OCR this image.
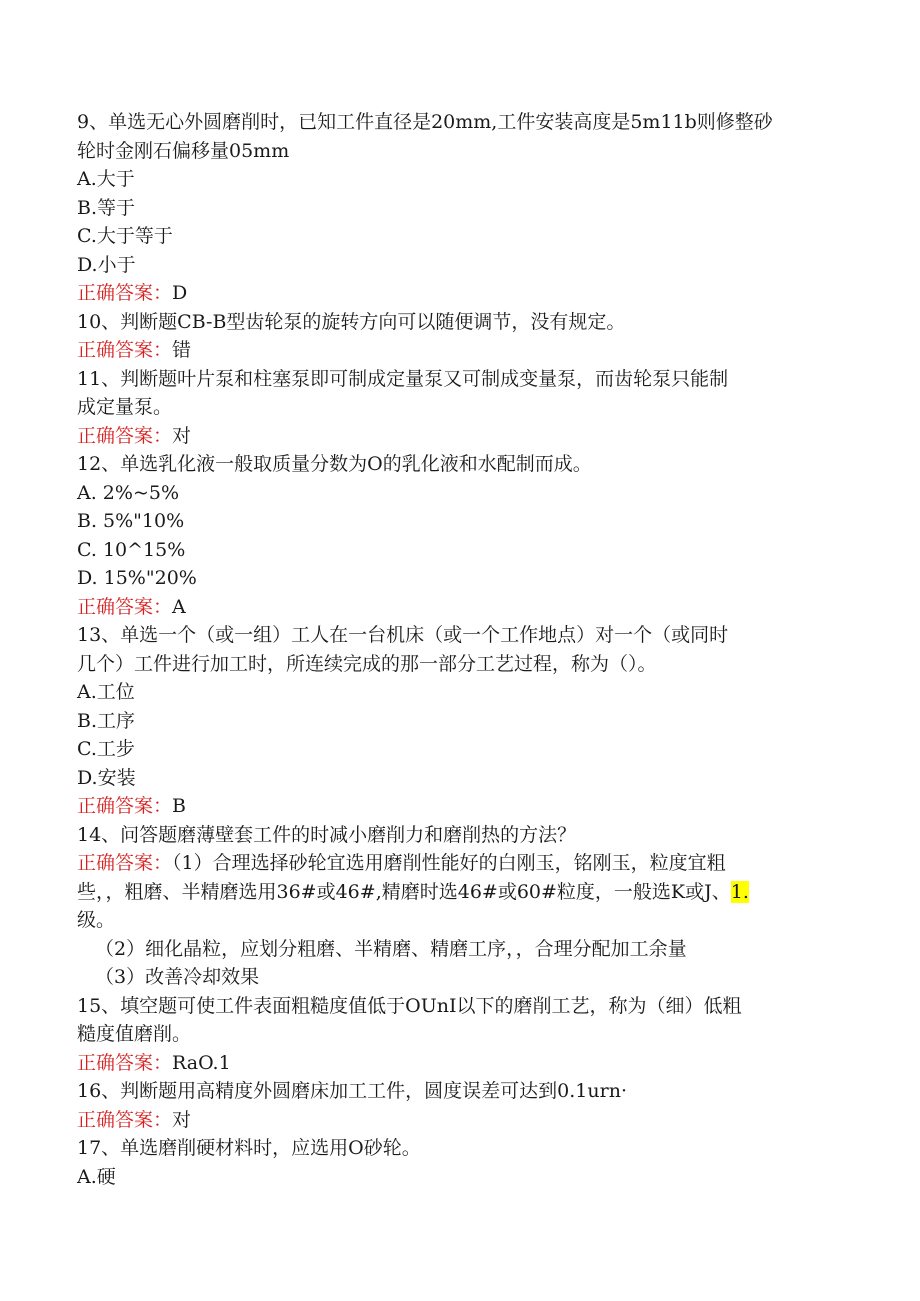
9、单选无心外圆磨削时，已知工件直径是20mm,工件安装高度是5m11b则修整砂

轮时金刚石偏移量05mm

A.大于

B.等于

C.大于等于

D.小于

正确答案：D

10、判断题CB-B型齿轮泵的旋转方向可以随便调节，没有规定。

正确答案：错

11、判断题叶片泵和柱塞泵即可制成定量泵又可制成变量泵，而齿轮泵只能制

成定量泵。

正确答案：对

12、单选乳化液一般取质量分数为O的乳化液和水配制而成。

A. 2%~5%

B. 5%"10%

C. 10^15%

D. 15%"20%

正确答案：A

13、单选一个（或一组）工人在一台机床（或一个工作地点）对一个（或同时

几个）工件进行加工时，所连续完成的那一部分工艺过程，称为（）。

A.工位

B.工序

C.工步

D.安装

正确答案：B

14、问答题磨薄壁套工件的时减小磨削力和磨削热的方法？

正确答案：（1）合理选择砂轮宜选用磨削性能好的白刚玉，铭刚玉，粒度宜粗

些，，粗磨、半精磨选用36#或46#,精磨时选46#或60#粒度，一般选K或J、1.

级。

（2）细化晶粒，应划分粗磨、半精磨、精磨工序，，合理分配加工余量

（3）改善冷却效果

15、填空题可使工件表面粗糙度值低于OUnI以下的磨削工艺，称为（细）低粗

糙度值磨削。

正确答案：RaO.1

16、判断题用高精度外圆磨床加工工件，圆度误差可达到0.1urn·

正确答案：对

17、单选磨削硬材料时，应选用O砂轮。

A.硬
